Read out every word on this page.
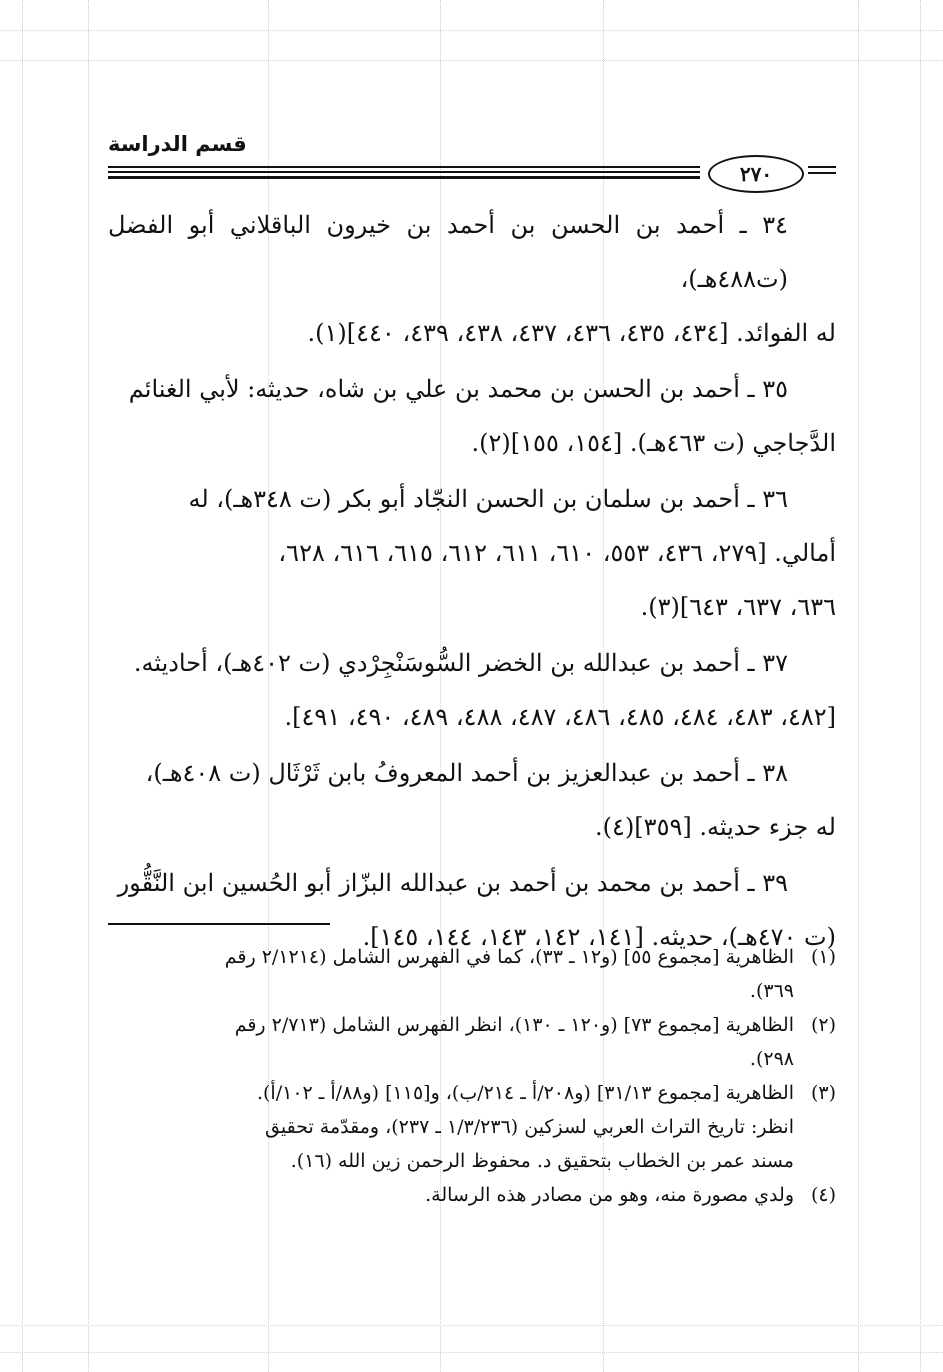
قسم الدراسة
٢٧٠

٣٤ ـ أحمد بن الحسن بن أحمد بن خيرون الباقلاني أبو الفضل (ت٤٨٨هـ)،

له الفوائد. [٤٣٤، ٤٣٥، ٤٣٦، ٤٣٧، ٤٣٨، ٤٣٩، ٤٤٠](١).

٣٥ ـ أحمد بن الحسن بن محمد بن علي بن شاه، حديثه: لأبي الغنائم

الدَّجاجي (ت ٤٦٣هـ). [١٥٤، ١٥٥](٢).

٣٦ ـ أحمد بن سلمان بن الحسن النجّاد أبو بكر (ت ٣٤٨هـ)، له

أمالي. [٢٧٩، ٤٣٦، ٥٥٣، ٦١٠، ٦١١، ٦١٢، ٦١٥، ٦١٦، ٦٢٨،

٦٣٦، ٦٣٧، ٦٤٣](٣).

٣٧ ـ أحمد بن عبدالله بن الخضر السُّوسَنْجِرْدي (ت ٤٠٢هـ)، أحاديثه.

[٤٨٢، ٤٨٣، ٤٨٤، ٤٨٥، ٤٨٦، ٤٨٧، ٤٨٨، ٤٨٩، ٤٩٠، ٤٩١].

٣٨ ـ أحمد بن عبدالعزيز بن أحمد المعروفُ بابن ثَرْثَال (ت ٤٠٨هـ)،

له جزء حديثه. [٣٥٩](٤).

٣٩ ـ أحمد بن محمد بن أحمد بن عبدالله البزّاز أبو الحُسين ابن النَّقُّور

(ت ٤٧٠هـ)، حديثه. [١٤١، ١٤٢، ١٤٣، ١٤٤، ١٤٥].

(١)

الظاهرية [مجموع ٥٥] (و١٢ ـ ٣٣)، كما في الفهرس الشامل (٢/١٢١٤ رقم

٣٦٩).

(٢)

الظاهرية [مجموع ٧٣] (و١٢٠ ـ ١٣٠)، انظر الفهرس الشامل (٢/٧١٣ رقم

٢٩٨).

(٣)

الظاهرية [مجموع ٣١/١٣] (و٢٠٨/أ ـ ٢١٤/ب)، و[١١٥] (و٨٨/أ ـ ١٠٢/أ).

انظر: تاريخ التراث العربي لسزكين (١/٣/٢٣٦ ـ ٢٣٧)، ومقدّمة تحقيق

مسند عمر بن الخطاب بتحقيق د. محفوظ الرحمن زين الله (١٦).

(٤)

ولدي مصورة منه، وهو من مصادر هذه الرسالة.
